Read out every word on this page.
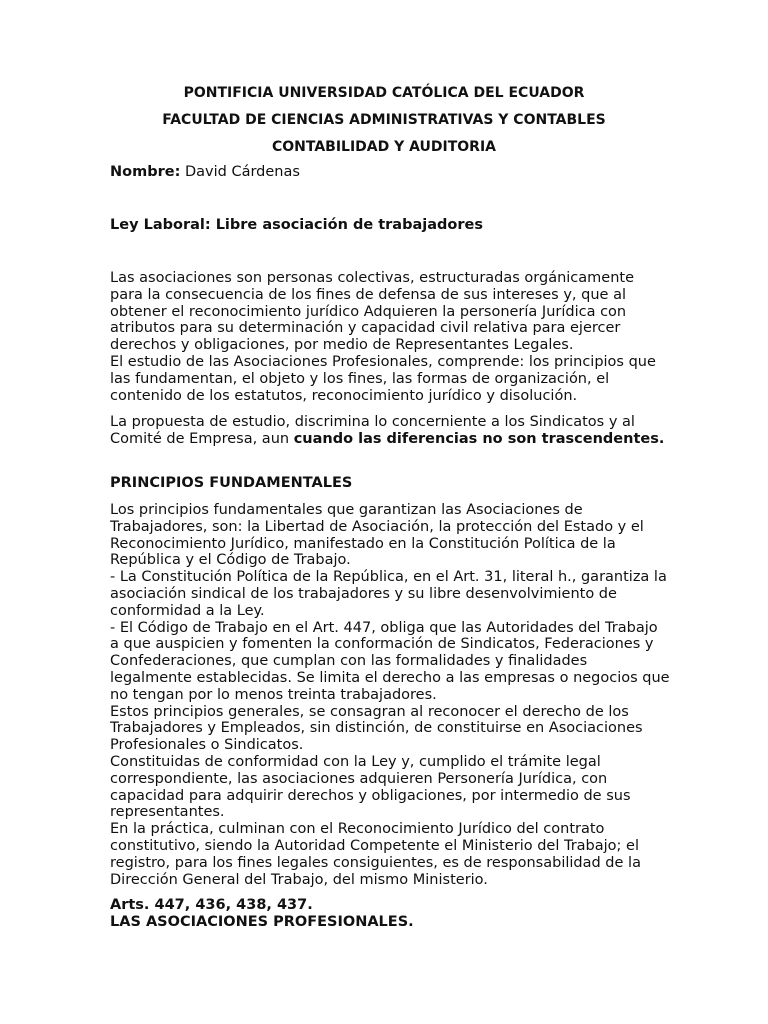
PONTIFICIA UNIVERSIDAD CATÓLICA DEL ECUADOR
FACULTAD DE CIENCIAS ADMINISTRATIVAS Y CONTABLES
CONTABILIDAD Y AUDITORIA
Nombre: David Cárdenas
Ley Laboral: Libre asociación de trabajadores
Las asociaciones son personas colectivas, estructuradas orgánicamente
para la consecuencia de los fines de defensa de sus intereses y, que al
obtener el reconocimiento jurídico Adquieren la personería Jurídica con
atributos para su determinación y capacidad civil relativa para ejercer
derechos y obligaciones, por medio de Representantes Legales.
El estudio de las Asociaciones Profesionales, comprende: los principios que
las fundamentan, el objeto y los fines, las formas de organización, el
contenido de los estatutos, reconocimiento jurídico y disolución.
La propuesta de estudio, discrimina lo concerniente a los Sindicatos y al
Comité de Empresa, aun cuando las diferencias no son trascendentes.
PRINCIPIOS FUNDAMENTALES
Los principios fundamentales que garantizan las Asociaciones de
Trabajadores, son: la Libertad de Asociación, la protección del Estado y el
Reconocimiento Jurídico, manifestado en la Constitución Política de la
República y el Código de Trabajo.
- La Constitución Política de la República, en el Art. 31, literal h., garantiza la
asociación sindical de los trabajadores y su libre desenvolvimiento de
conformidad a la Ley.
- El Código de Trabajo en el Art. 447, obliga que las Autoridades del Trabajo
a que auspicien y fomenten la conformación de Sindicatos, Federaciones y
Confederaciones, que cumplan con las formalidades y finalidades
legalmente establecidas. Se limita el derecho a las empresas o negocios que
no tengan por lo menos treinta trabajadores.
Estos principios generales, se consagran al reconocer el derecho de los
Trabajadores y Empleados, sin distinción, de constituirse en Asociaciones
Profesionales o Sindicatos.
Constituidas de conformidad con la Ley y, cumplido el trámite legal
correspondiente, las asociaciones adquieren Personería Jurídica, con
capacidad para adquirir derechos y obligaciones, por intermedio de sus
representantes.
En la práctica, culminan con el Reconocimiento Jurídico del contrato
constitutivo, siendo la Autoridad Competente el Ministerio del Trabajo; el
registro, para los fines legales consiguientes, es de responsabilidad de la
Dirección General del Trabajo, del mismo Ministerio.
Arts. 447, 436, 438, 437.
LAS ASOCIACIONES PROFESIONALES.
